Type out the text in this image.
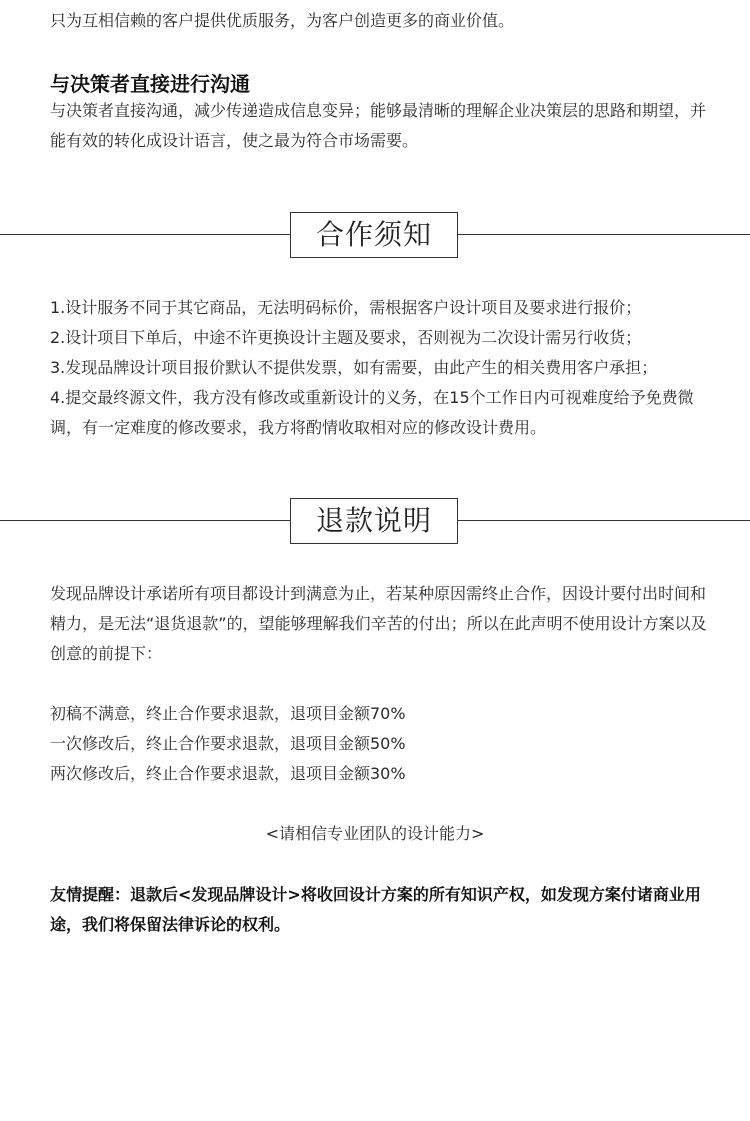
只为互相信赖的客户提供优质服务，为客户创造更多的商业价值。

与决策者直接进行沟通

与决策者直接沟通，减少传递造成信息变异；能够最清晰的理解企业决策层的思路和期望，并能有效的转化成设计语言，使之最为符合市场需要。

合作须知
1.设计服务不同于其它商品，无法明码标价，需根据客户设计项目及要求进行报价；
2.设计项目下单后，中途不许更换设计主题及要求，否则视为二次设计需另行收货；
3.发现品牌设计项目报价默认不提供发票，如有需要，由此产生的相关费用客户承担；
4.提交最终源文件，我方没有修改或重新设计的义务，在15个工作日内可视难度给予免费微调，有一定难度的修改要求，我方将酌情收取相对应的修改设计费用。
退款说明

发现品牌设计承诺所有项目都设计到满意为止，若某种原因需终止合作，因设计要付出时间和精力，是无法“退货退款”的，望能够理解我们辛苦的付出；所以在此声明不使用设计方案以及创意的前提下：

初稿不满意，终止合作要求退款，退项目金额70%
一次修改后，终止合作要求退款，退项目金额50%
两次修改后，终止合作要求退款，退项目金额30%

<请相信专业团队的设计能力>

友情提醒：退款后<发现品牌设计>将收回设计方案的所有知识产权，如发现方案付诸商业用途，我们将保留法律诉论的权利。
